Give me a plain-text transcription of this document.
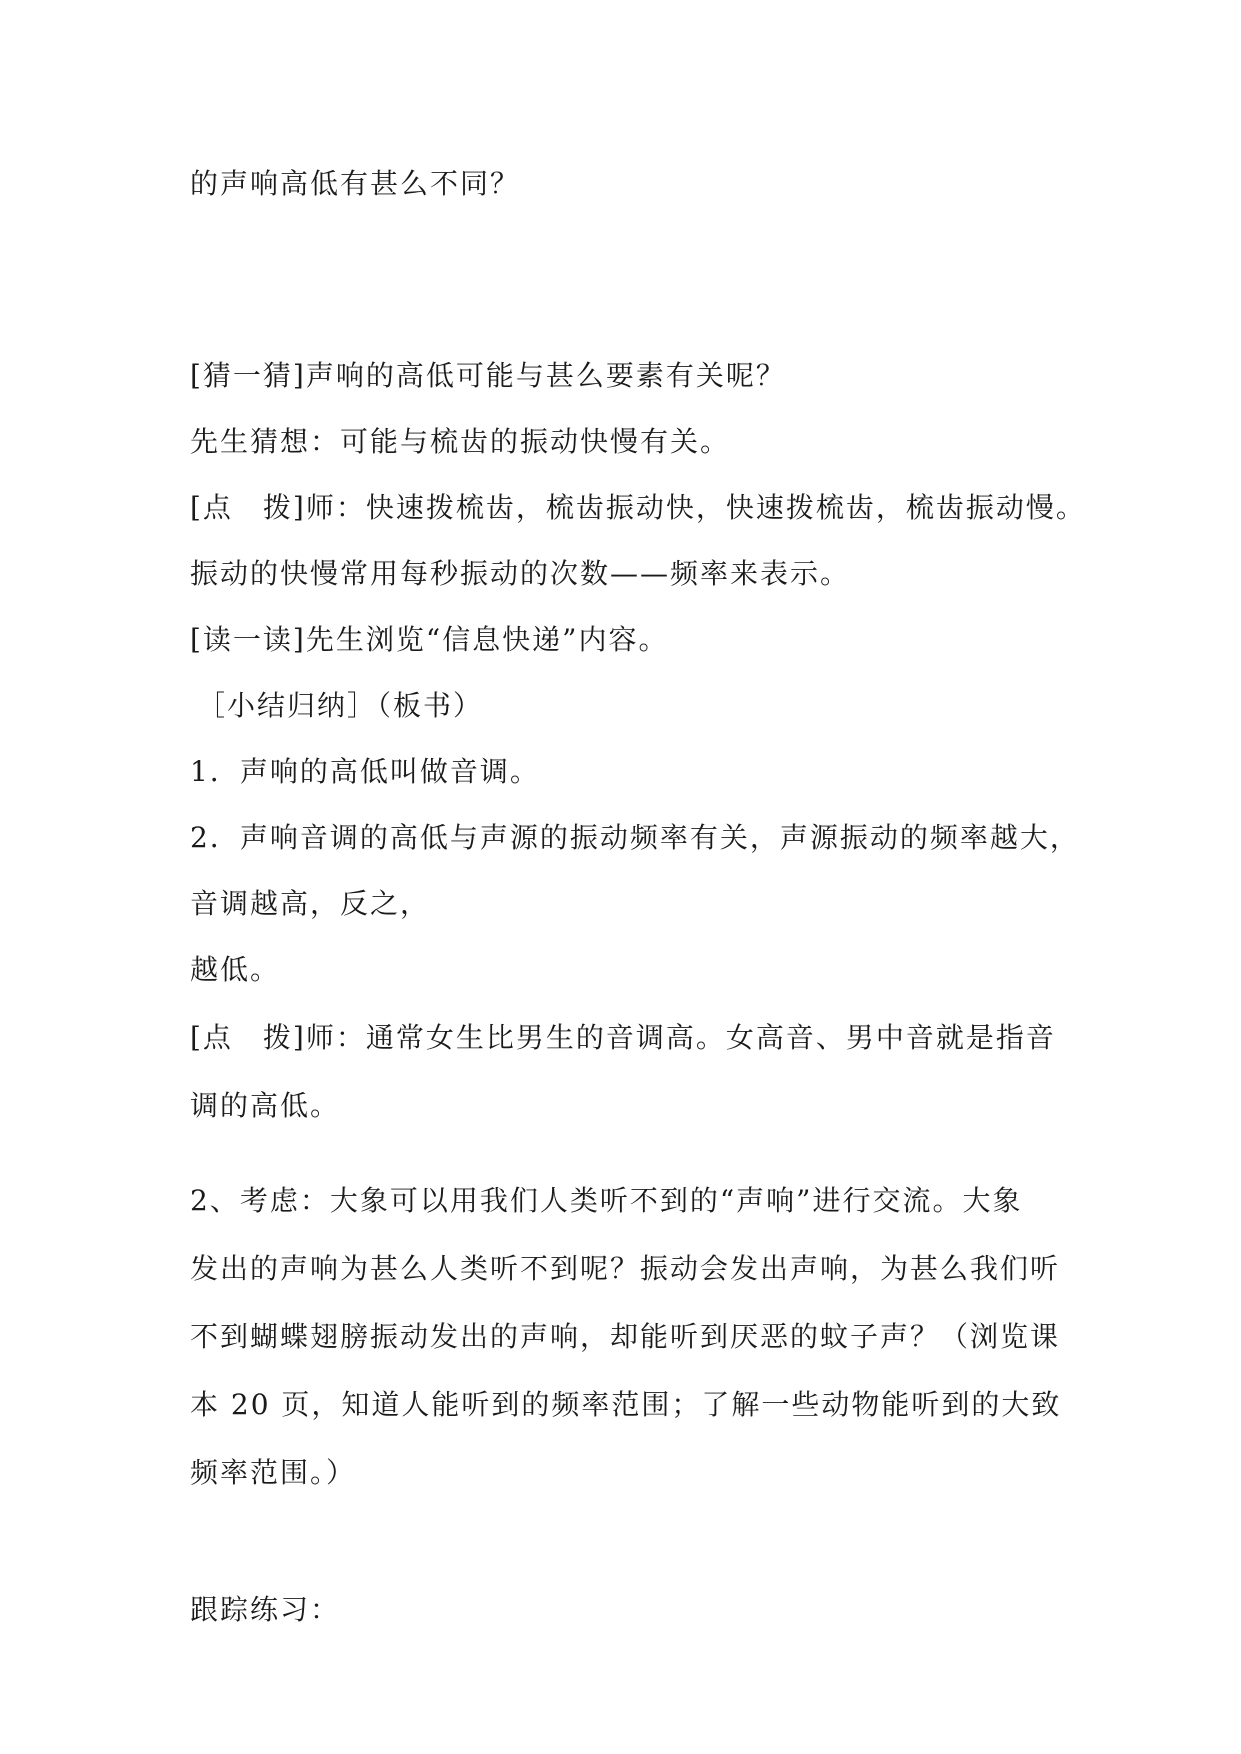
的声响高低有甚么不同？

[猜一猜]声响的高低可能与甚么要素有关呢？

先生猜想：可能与梳齿的振动快慢有关。

[点　拨]师：快速拨梳齿，梳齿振动快，快速拨梳齿，梳齿振动慢。

振动的快慢常用每秒振动的次数——频率来表示。

[读一读]先生浏览“信息快递”内容。

［小结归纳］（板书）

1．声响的高低叫做音调。

2．声响音调的高低与声源的振动频率有关，声源振动的频率越大，

音调越高，反之，

越低。

[点　拨]师：通常女生比男生的音调高。女高音、男中音就是指音

调的高低。

2、考虑：大象可以用我们人类听不到的“声响”进行交流。大象

发出的声响为甚么人类听不到呢？振动会发出声响，为甚么我们听

不到蝴蝶翅膀振动发出的声响，却能听到厌恶的蚊子声？（浏览课

本 20 页，知道人能听到的频率范围；了解一些动物能听到的大致

频率范围。）

跟踪练习：
